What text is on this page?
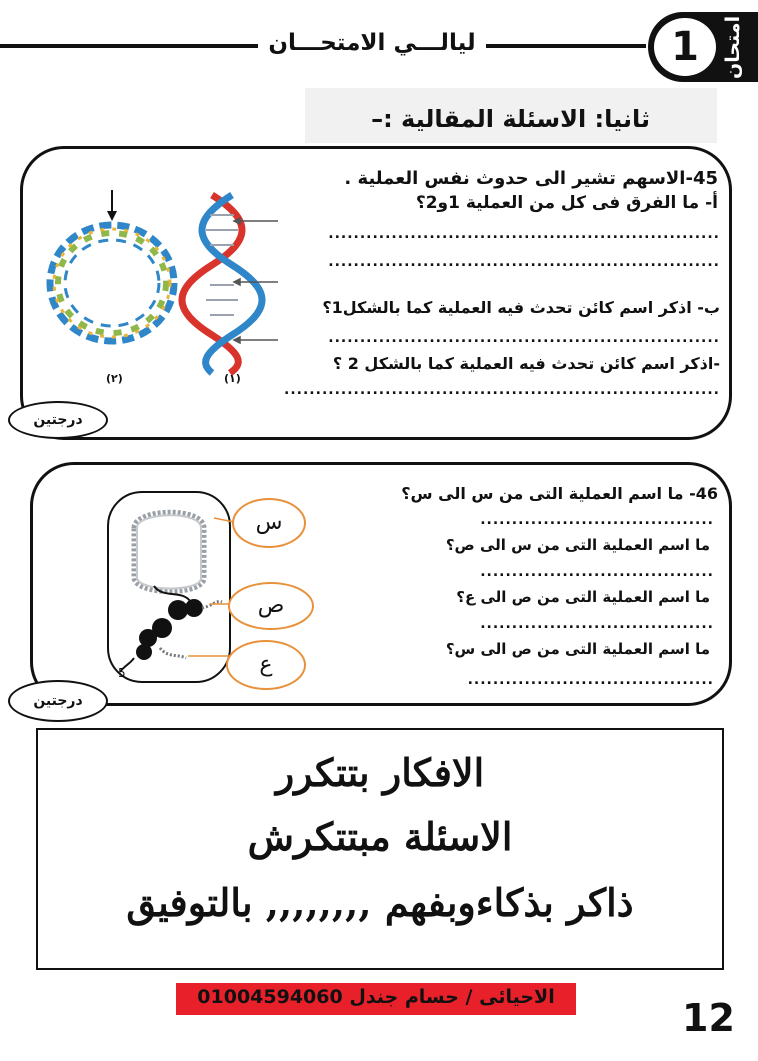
ليالـــي الامتحـــان	1	امتحان
ثانيا: الاسئلة المقالية :–
(١)
(٢)
45-الاسهم تشير الى حدوث نفس العملية .
أ- ما الفرق فى كل من العملية 1و2؟
..............................................................
..............................................................
ب- اذكر اسم كائن تحدث فيه العملية كما بالشكل1؟
..............................................................
-اذكر اسم كائن تحدث فيه العملية كما بالشكل 2 ؟
.....................................................................
درجتين
5
س
ص
ع
46- ما اسم العملية التى من س الى س؟
.....................................
ما اسم العملية التى من س الى ص؟
.....................................
ما اسم العملية التى من ص الى ع؟
.....................................
ما اسم العملية التى من ص الى س؟
.......................................
درجتين
الافكار بتتكرر
الاسئلة مبتتكرش
ذاكر بذكاءوبفهم ,,,,,,,, بالتوفيق
الاحيائى / حسام جندل 01004594060	12
